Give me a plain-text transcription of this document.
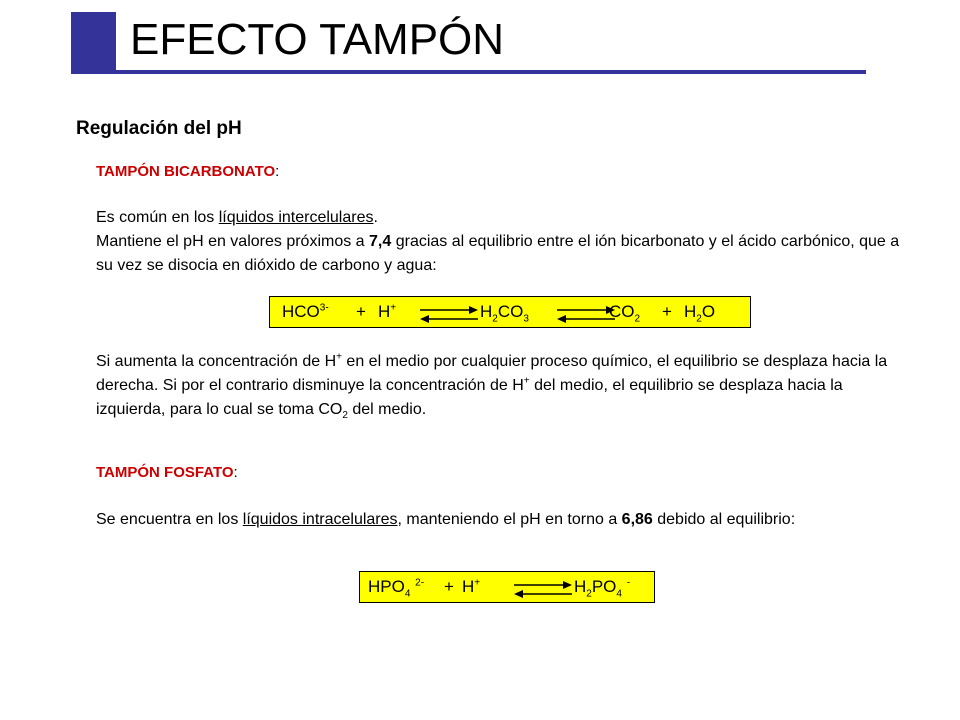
EFECTO TAMPÓN
Regulación del pH
TAMPÓN BICARBONATO:
Es común en los líquidos intercelulares.
Mantiene el pH en valores próximos a 7,4 gracias al equilibrio entre el ión bicarbonato y el ácido carbónico, que a su vez se disocia en dióxido de carbono y agua:
$HCO^{3-} + H^+$ ⇌ $H_2CO_3$	$CO_2 + H_2O$
Si aumenta la concentración de H+ en el medio por cualquier proceso químico, el equilibrio se desplaza hacia la derecha. Si por el contrario disminuye la concentración de H+ del medio, el equilibrio se desplaza hacia la izquierda, para lo cual se toma $CO_2$ del medio.
TAMPÓN FOSFATO:
Se encuentra en los líquidos intracelulares, manteniendo el pH en torno a 6,86 debido al equilibrio:
$HPO_4$ $^{2-}$ + H+ ⇌ $H_2PO_4$ -
